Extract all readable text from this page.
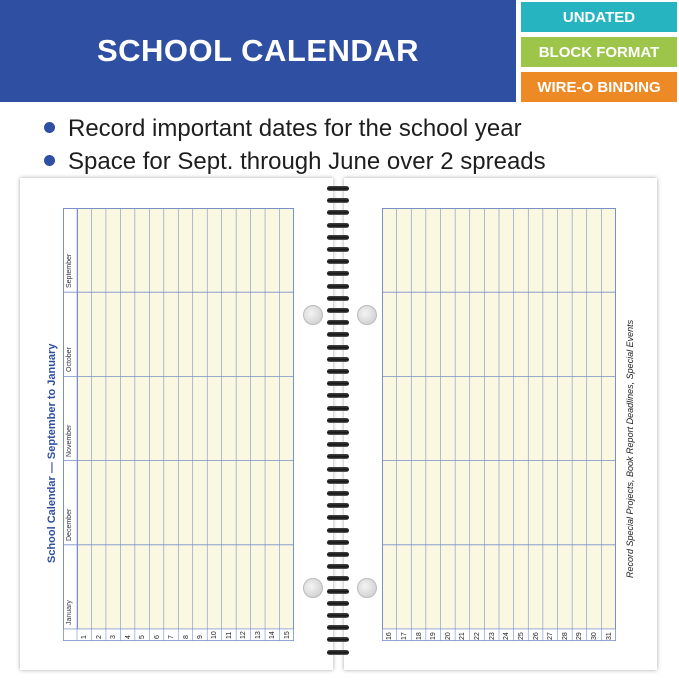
SCHOOL CALENDAR
UNDATED
BLOCK FORMAT
WIRE-O BINDING
Record important dates for the school year
Space for Sept. through June over 2 spreads
School Calendar — September to January
1 2 3 4 5 6 7 8 9 10 11 12 13 14 15
September
October
November
December
January
16 17 18 19 20 21 22 23 24 25 26 27 28 29 30 31
Record Special Projects, Book Report Deadlines, Special Events
